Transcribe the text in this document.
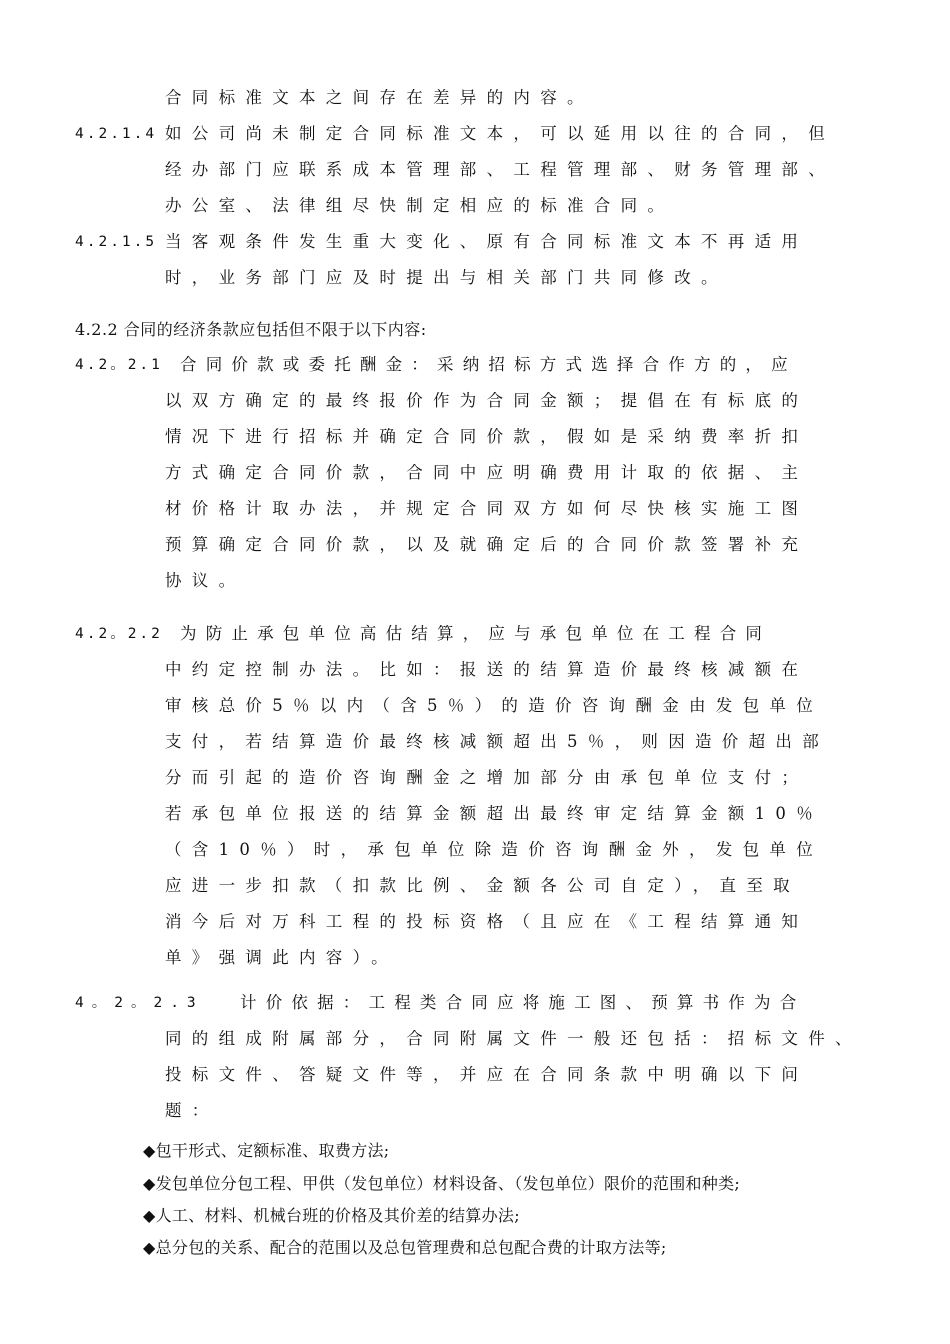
合同标准文本之间存在差异的内容。
4.2.1.4 如公司尚未制定合同标准文本，可以延用以往的合同，但
经办部门应联系成本管理部、工程管理部、财务管理部、
办公室、法律组尽快制定相应的标准合同。
4.2.1.5 当客观条件发生重大变化、原有合同标准文本不再适用
时，业务部门应及时提出与相关部门共同修改。
4.2.2 合同的经济条款应包括但不限于以下内容:
4.2。2.1 合同价款或委托酬金：采纳招标方式选择合作方的，应
以双方确定的最终报价作为合同金额；提倡在有标底的
情况下进行招标并确定合同价款，假如是采纳费率折扣
方式确定合同价款，合同中应明确费用计取的依据、主
材价格计取办法，并规定合同双方如何尽快核实施工图
预算确定合同价款，以及就确定后的合同价款签署补充
协议。
4.2。2.2 为防止承包单位高估结算，应与承包单位在工程合同
中约定控制办法。比如：报送的结算造价最终核减额在
审核总价5％以内（含5％）的造价咨询酬金由发包单位
支付，若结算造价最终核减额超出5％，则因造价超出部
分而引起的造价咨询酬金之增加部分由承包单位支付；
若承包单位报送的结算金额超出最终审定结算金额10％
（含10％）时，承包单位除造价咨询酬金外，发包单位
应进一步扣款（扣款比例、金额各公司自定），直至取
消今后对万科工程的投标资格（且应在《工程结算通知
单》强调此内容）。
4。2。2.3 计价依据：工程类合同应将施工图、预算书作为合
同的组成附属部分，合同附属文件一般还包括：招标文件、
投标文件、答疑文件等，并应在合同条款中明确以下问
题：
◆包干形式、定额标准、取费方法;
◆发包单位分包工程、甲供（发包单位）材料设备、（发包单位）限价的范围和种类;
◆人工、材料、机械台班的价格及其价差的结算办法;
◆总分包的关系、配合的范围以及总包管理费和总包配合费的计取方法等;
